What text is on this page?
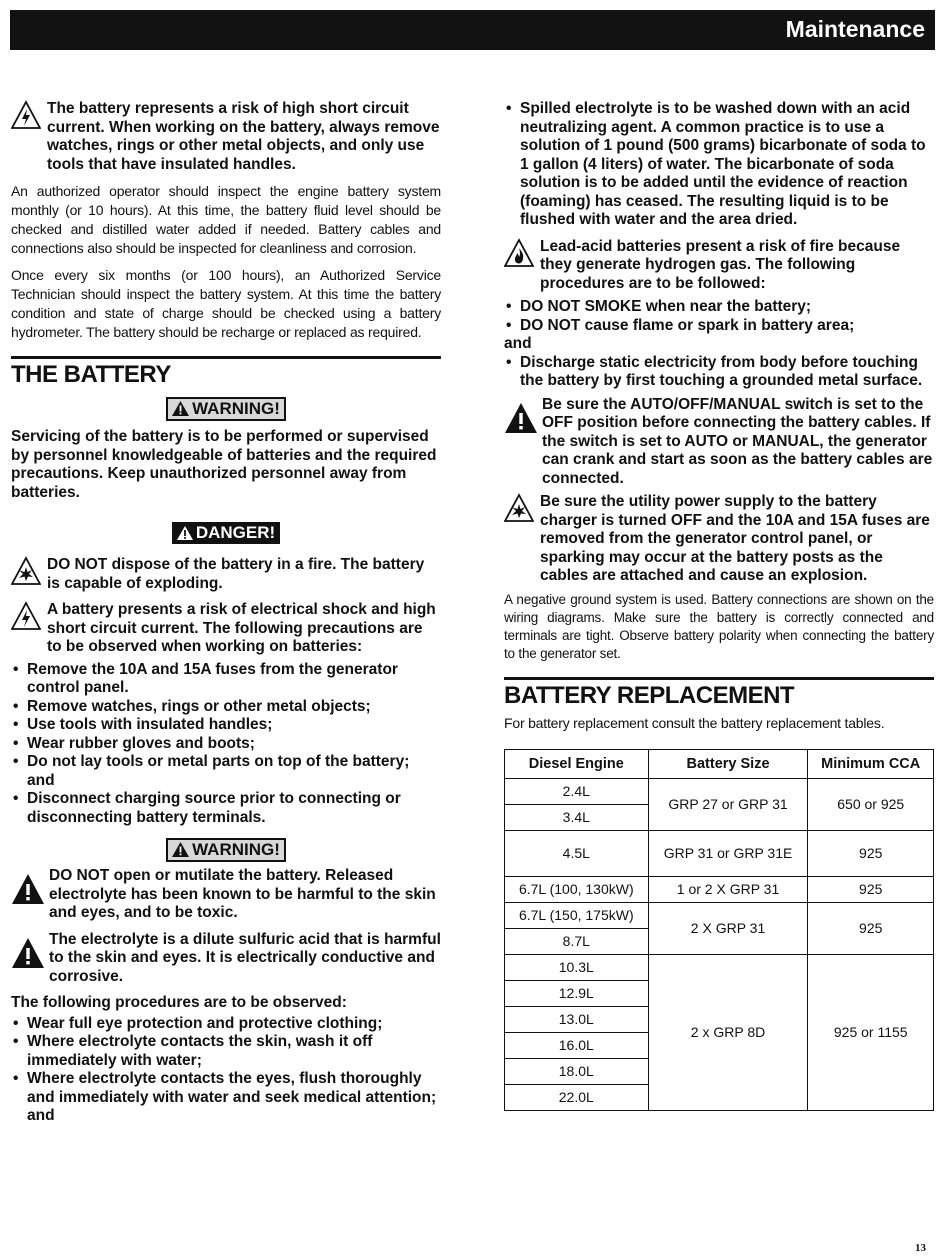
Maintenance

The battery represents a risk of high short circuit current. When working on the battery, always remove watches, rings or other metal objects, and only use tools that have insulated handles.

An authorized operator should inspect the engine battery system monthly (or 10 hours). At this time, the battery fluid level should be checked and distilled water added if needed. Battery cables and connections also should be inspected for cleanliness and corrosion.

Once every six months (or 100 hours), an Authorized Service Technician should inspect the battery system. At this time the battery condition and state of charge should be checked using a battery hydrometer. The battery should be recharge or replaced as required.

THE BATTERY
WARNING!

Servicing of the battery is to be performed or supervised by personnel knowledgeable of batteries and the required precautions. Keep unauthorized personnel away from batteries.

DANGER!

DO NOT dispose of the battery in a fire. The battery is capable of exploding.

A battery presents a risk of electrical shock and high short circuit current. The following precautions are to be observed when working on batteries:

• Remove the 10A and 15A fuses from the generator control panel.
• Remove watches, rings or other metal objects;
• Use tools with insulated handles;
• Wear rubber gloves and boots;
• Do not lay tools or metal parts on top of the battery; and
• Disconnect charging source prior to connecting or disconnecting battery terminals.
WARNING!

DO NOT open or mutilate the battery. Released electrolyte has been known to be harmful to the skin and eyes, and to be toxic.

The electrolyte is a dilute sulfuric acid that is harmful to the skin and eyes. It is electrically conductive and corrosive.

The following procedures are to be observed:

• Wear full eye protection and protective clothing;
• Where electrolyte contacts the skin, wash it off immediately with water;
• Where electrolyte contacts the eyes, flush thoroughly and immediately with water and seek medical attention; and
• Spilled electrolyte is to be washed down with an acid neutralizing agent. A common practice is to use a solution of 1 pound (500 grams) bicarbonate of soda to 1 gallon (4 liters) of water. The bicarbonate of soda solution is to be added until the evidence of reaction (foaming) has ceased. The resulting liquid is to be flushed with water and the area dried.

Lead-acid batteries present a risk of fire because they generate hydrogen gas. The following procedures are to be followed:

• DO NOT SMOKE when near the battery;
• DO NOT cause flame or spark in battery area;

and

• Discharge static electricity from body before touching the battery by first touching a grounded metal surface.

Be sure the AUTO/OFF/MANUAL switch is set to the OFF position before connecting the battery cables. If the switch is set to AUTO or MANUAL, the generator can crank and start as soon as the battery cables are connected.

Be sure the utility power supply to the battery charger is turned OFF and the 10A and 15A fuses are removed from the generator control panel, or sparking may occur at the battery posts as the cables are attached and cause an explosion.

A negative ground system is used. Battery connections are shown on the wiring diagrams. Make sure the battery is correctly connected and terminals are tight. Observe battery polarity when connecting the battery to the generator set.

BATTERY REPLACEMENT

For battery replacement consult the battery replacement tables.

Diesel Engine	Battery Size	Minimum CCA
2.4L	GRP 27 or GRP 31	650 or 925
3.4L		
4.5L	GRP 31 or GRP 31E	925
6.7L (100, 130kW)	1 or 2 X GRP 31	925
6.7L (150, 175kW)	2 X GRP 31	925
8.7L		
10.3L	2 x GRP 8D	925 or 1155
12.9L		
13.0L		
16.0L		
18.0L		
22.0L		
13
